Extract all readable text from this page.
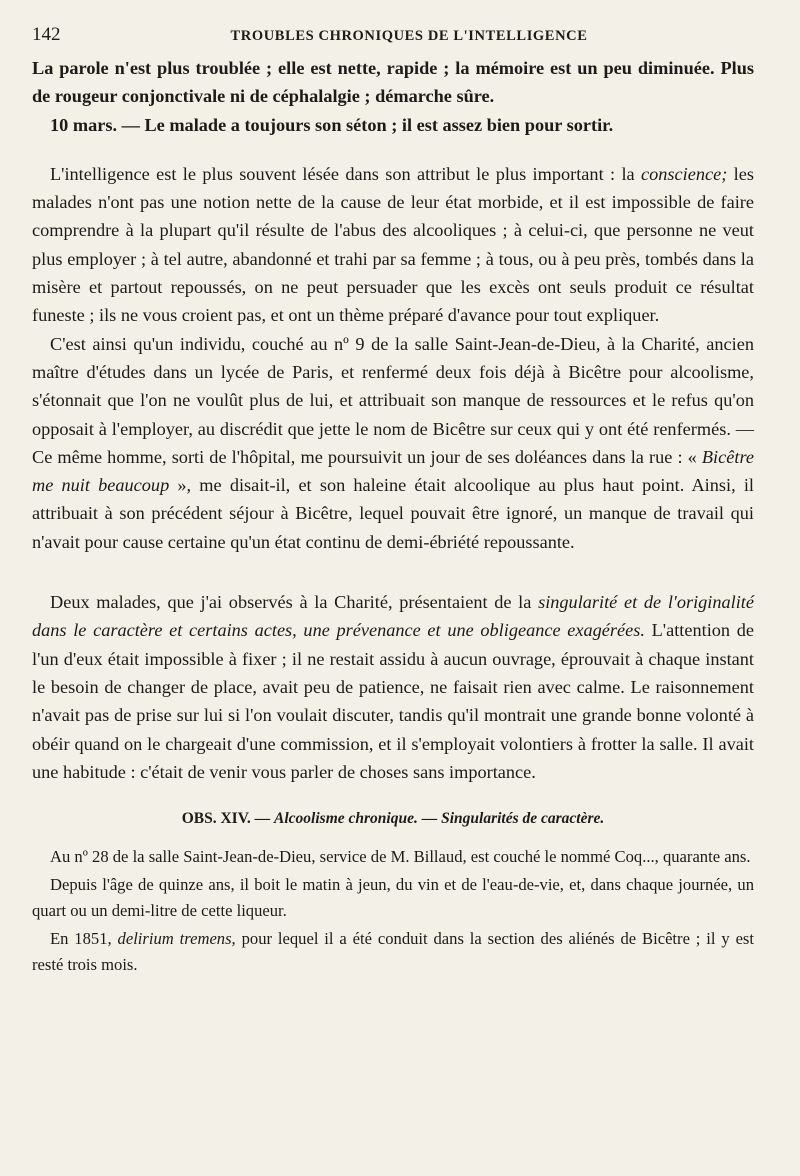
142	TROUBLES CHRONIQUES DE L'INTELLIGENCE

La parole n'est plus troublée ; elle est nette, rapide ; la mémoire est un peu diminuée. Plus de rougeur conjonctivale ni de céphalalgie ; démarche sûre.

10 mars. — Le malade a toujours son séton ; il est assez bien pour sortir.

L'intelligence est le plus souvent lésée dans son attribut le plus important : la conscience; les malades n'ont pas une notion nette de la cause de leur état morbide, et il est impossible de faire comprendre à la plupart qu'il résulte de l'abus des alcooliques ; à celui-ci, que personne ne veut plus employer ; à tel autre, abandonné et trahi par sa femme ; à tous, ou à peu près, tombés dans la misère et partout repoussés, on ne peut persuader que les excès ont seuls produit ce résultat funeste ; ils ne vous croient pas, et ont un thème préparé d'avance pour tout expliquer.

C'est ainsi qu'un individu, couché au nº 9 de la salle Saint-Jean-de-Dieu, à la Charité, ancien maître d'études dans un lycée de Paris, et renfermé deux fois déjà à Bicêtre pour alcoolisme, s'étonnait que l'on ne voulût plus de lui, et attribuait son manque de ressources et le refus qu'on opposait à l'employer, au discrédit que jette le nom de Bicêtre sur ceux qui y ont été renfermés. — Ce même homme, sorti de l'hôpital, me poursuivit un jour de ses doléances dans la rue : « Bicêtre me nuit beaucoup », me disait-il, et son haleine était alcoolique au plus haut point. Ainsi, il attribuait à son précédent séjour à Bicêtre, lequel pouvait être ignoré, un manque de travail qui n'avait pour cause certaine qu'un état continu de demi-ébriété repoussante.

Deux malades, que j'ai observés à la Charité, présentaient de la singularité et de l'originalité dans le caractère et certains actes, une prévenance et une obligeance exagérées. L'attention de l'un d'eux était impossible à fixer ; il ne restait assidu à aucun ouvrage, éprouvait à chaque instant le besoin de changer de place, avait peu de patience, ne faisait rien avec calme. Le raisonnement n'avait pas de prise sur lui si l'on voulait discuter, tandis qu'il montrait une grande bonne volonté à obéir quand on le chargeait d'une commission, et il s'employait volontiers à frotter la salle. Il avait une habitude : c'était de venir vous parler de choses sans importance.

OBS. XIV. — Alcoolisme chronique. — Singularités de caractère.

Au nº 28 de la salle Saint-Jean-de-Dieu, service de M. Billaud, est couché le nommé Coq..., quarante ans.

Depuis l'âge de quinze ans, il boit le matin à jeun, du vin et de l'eau-de-vie, et, dans chaque journée, un quart ou un demi-litre de cette liqueur.

En 1851, delirium tremens, pour lequel il a été conduit dans la section des aliénés de Bicêtre ; il y est resté trois mois.
